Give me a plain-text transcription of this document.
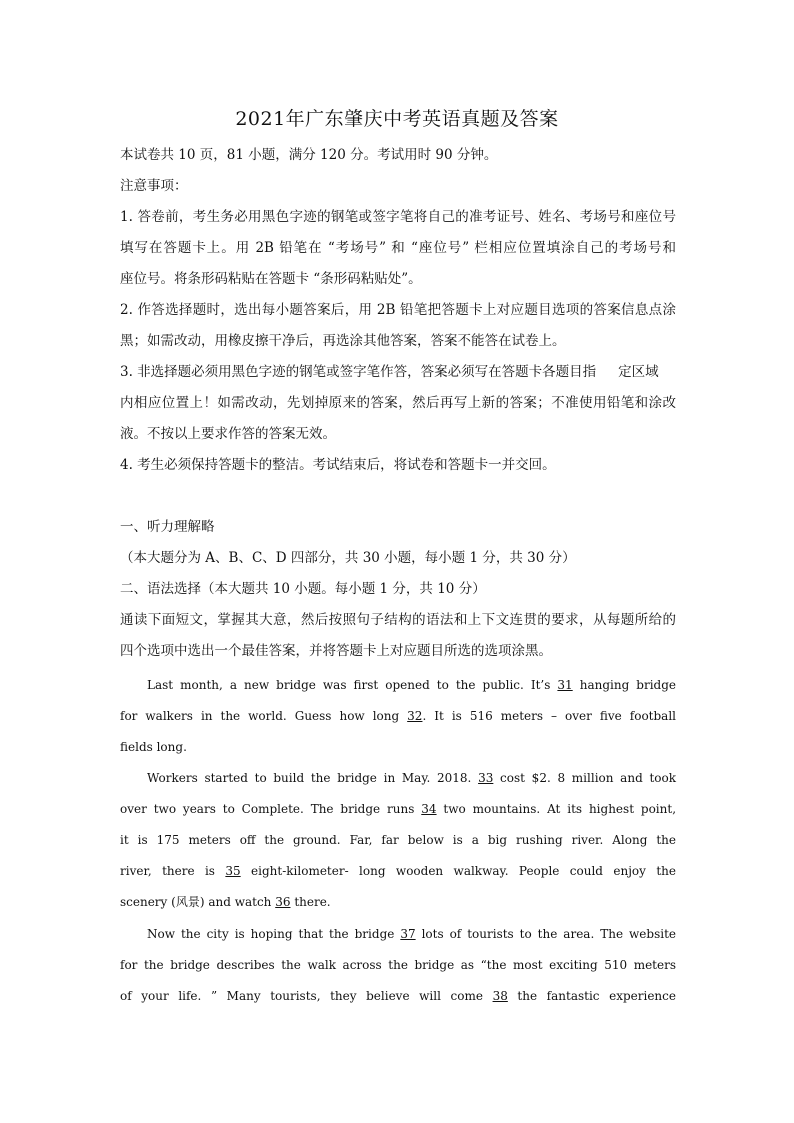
2021年广东肇庆中考英语真题及答案
本试卷共 10 页，81 小题，满分 120 分。考试用时 90 分钟。
注意事项：
1. 答卷前，考生务必用黑色字迹的钢笔或签字笔将自己的准考证号、姓名、考场号和座位号
填写在答题卡上。用 2B 铅笔在 “考场号” 和 “座位号” 栏相应位置填涂自己的考场号和
座位号。将条形码粘贴在答题卡 “条形码粘贴处”。
2. 作答选择题时，选出每小题答案后，用 2B 铅笔把答题卡上对应题目选项的答案信息点涂
黑；如需改动，用橡皮擦干净后，再选涂其他答案，答案不能答在试卷上。
3. 非选择题必须用黑色字迹的钢笔或签字笔作答，答案必须写在答题卡各题目指 定区域
内相应位置上！如需改动，先划掉原来的答案，然后再写上新的答案；不准使用铅笔和涂改
液。不按以上要求作答的答案无效。
4. 考生必须保持答题卡的整洁。考试结束后，将试卷和答题卡一并交回。
一、听力理解略
（本大题分为 A、B、C、D 四部分，共 30 小题，每小题 1 分，共 30 分）
二、语法选择（本大题共 10 小题。每小题 1 分，共 10 分）
通读下面短文，掌握其大意，然后按照句子结构的语法和上下文连贯的要求，从每题所给的
四个选项中选出一个最佳答案，并将答题卡上对应题目所选的选项涂黑。
Last month, a new bridge was first opened to the public. It’s 31 hanging bridge
for walkers in the world. Guess how long 32. It is 516 meters – over five football
fields long.
Workers started to build the bridge in May. 2018. 33 cost $2. 8 million and took
over two years to Complete. The bridge runs 34 two mountains. At its highest point,
it is 175 meters off the ground. Far, far below is a big rushing river. Along the
river, there is 35 eight-kilometer- long wooden walkway. People could enjoy the
scenery (风景) and watch 36 there.
Now the city is hoping that the bridge 37 lots of tourists to the area. The website
for the bridge describes the walk across the bridge as “the most exciting 510 meters
of your life. ” Many tourists, they believe will come 38 the fantastic experience
